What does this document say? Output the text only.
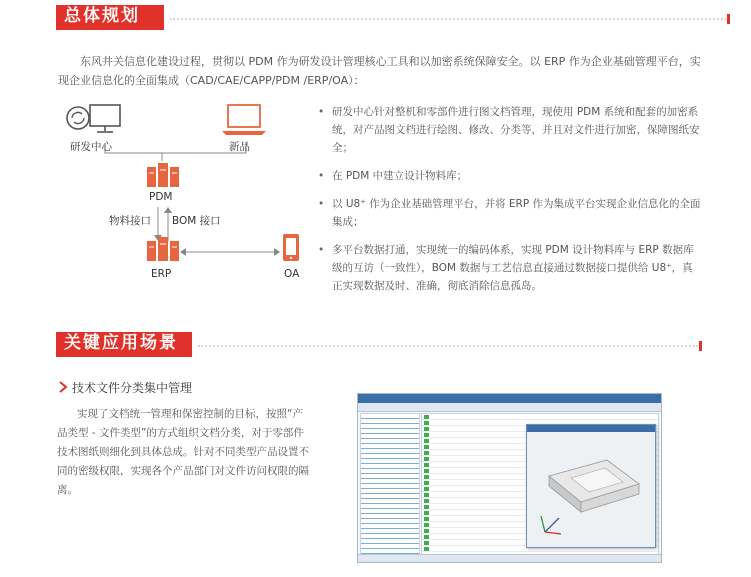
总体规划
东风井关信息化建设过程，贯彻以 PDM 作为研发设计管理核心工具和以加密系统保障安全。以 ERP 作为企业基础管理平台，实现企业信息化的全面集成（CAD/CAE/CAPP/PDM /ERP/OA）：
研发中心	新品
PDM
物料接口 BOM 接口
ERP	OA
• 研发中心针对整机和零部件进行图文档管理，现使用 PDM 系统和配套的加密系统，对产品图文档进行绘图、修改、分类等，并且对文件进行加密，保障图纸安全；
• 在 PDM 中建立设计物料库；
• 以 U8⁺ 作为企业基础管理平台，并将 ERP 作为集成平台实现企业信息化的全面集成；
• 多平台数据打通，实现统一的编码体系，实现 PDM 设计物料库与 ERP 数据库级的互访（一致性），BOM 数据与工艺信息直接通过数据接口提供给 U8⁺，真正实现数据及时、准确，彻底消除信息孤岛。
关键应用场景
技术文件分类集中管理
实现了文档统一管理和保密控制的目标，按照“产品类型 - 文件类型”的方式组织文档分类，对于零部件技术图纸则细化到具体总成。针对不同类型产品设置不同的密级权限，实现各个产品部门对文件访问权限的隔离。
